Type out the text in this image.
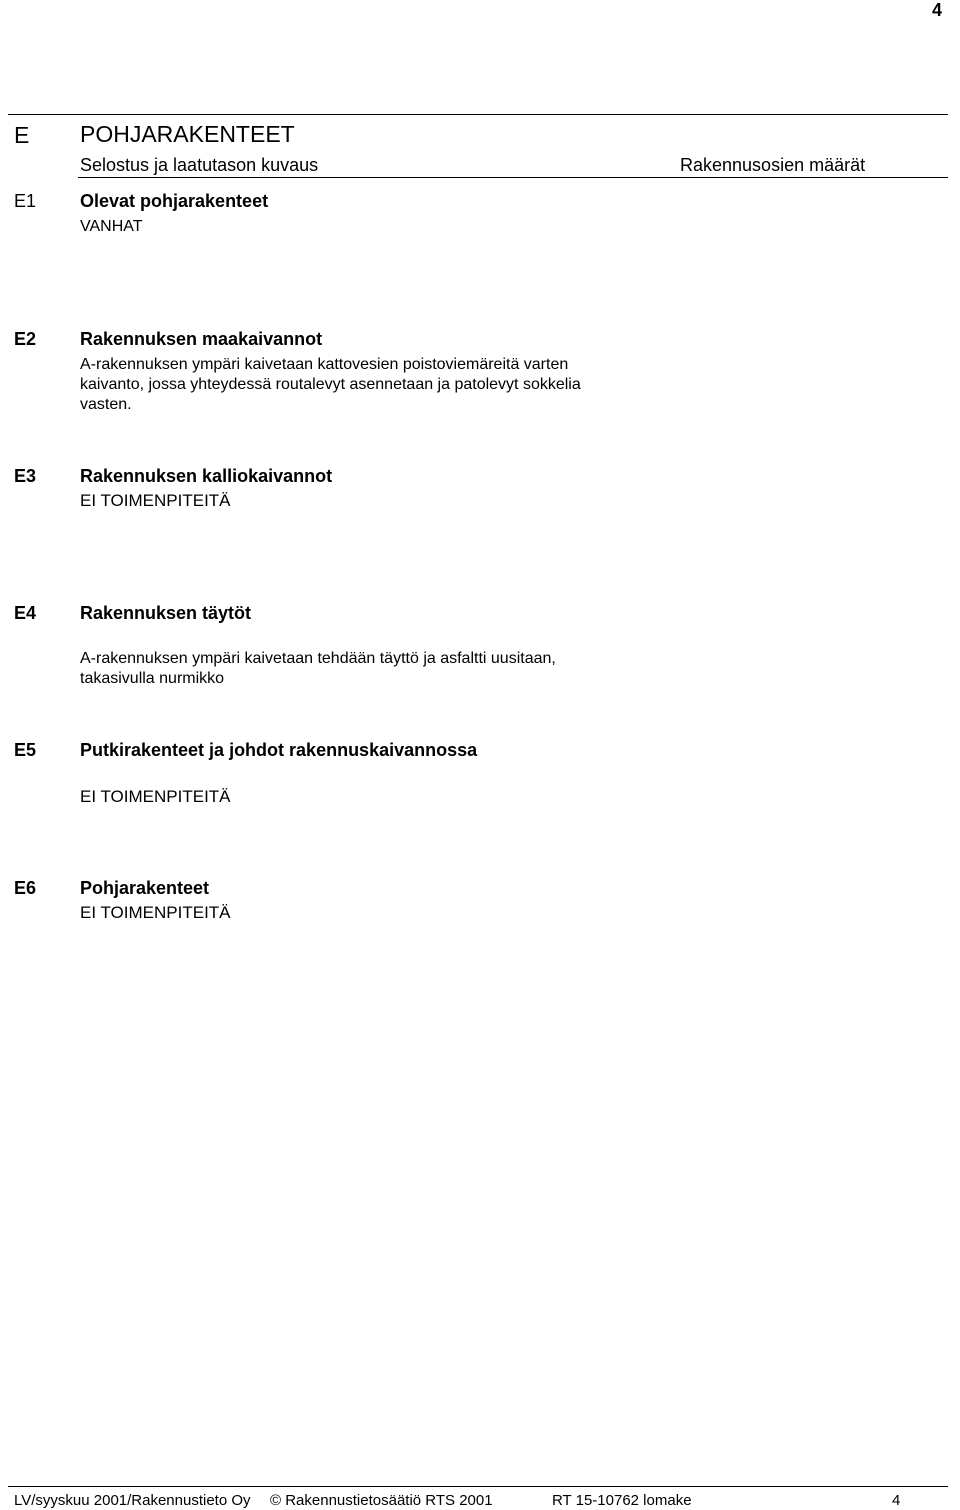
4
E POHJARAKENTEET
Selostus ja laatutason kuvaus	Rakennusosien määrät
E1 Olevat pohjarakenteet
VANHAT
E2 Rakennuksen maakaivannot
A-rakennuksen ympäri kaivetaan kattovesien poistoviemäreitä varten
kaivanto, jossa yhteydessä routalevyt asennetaan ja patolevyt sokkelia
vasten.
E3 Rakennuksen kalliokaivannot
EI TOIMENPITEITÄ
E4 Rakennuksen täytöt
A-rakennuksen ympäri kaivetaan tehdään täyttö ja asfaltti uusitaan,
takasivulla nurmikko
E5 Putkirakenteet ja johdot rakennuskaivannossa
EI TOIMENPITEITÄ
E6 Pohjarakenteet
EI TOIMENPITEITÄ
LV/syyskuu 2001/Rakennustieto Oy © Rakennustietosäätiö RTS 2001	RT 15-10762 lomake	4
